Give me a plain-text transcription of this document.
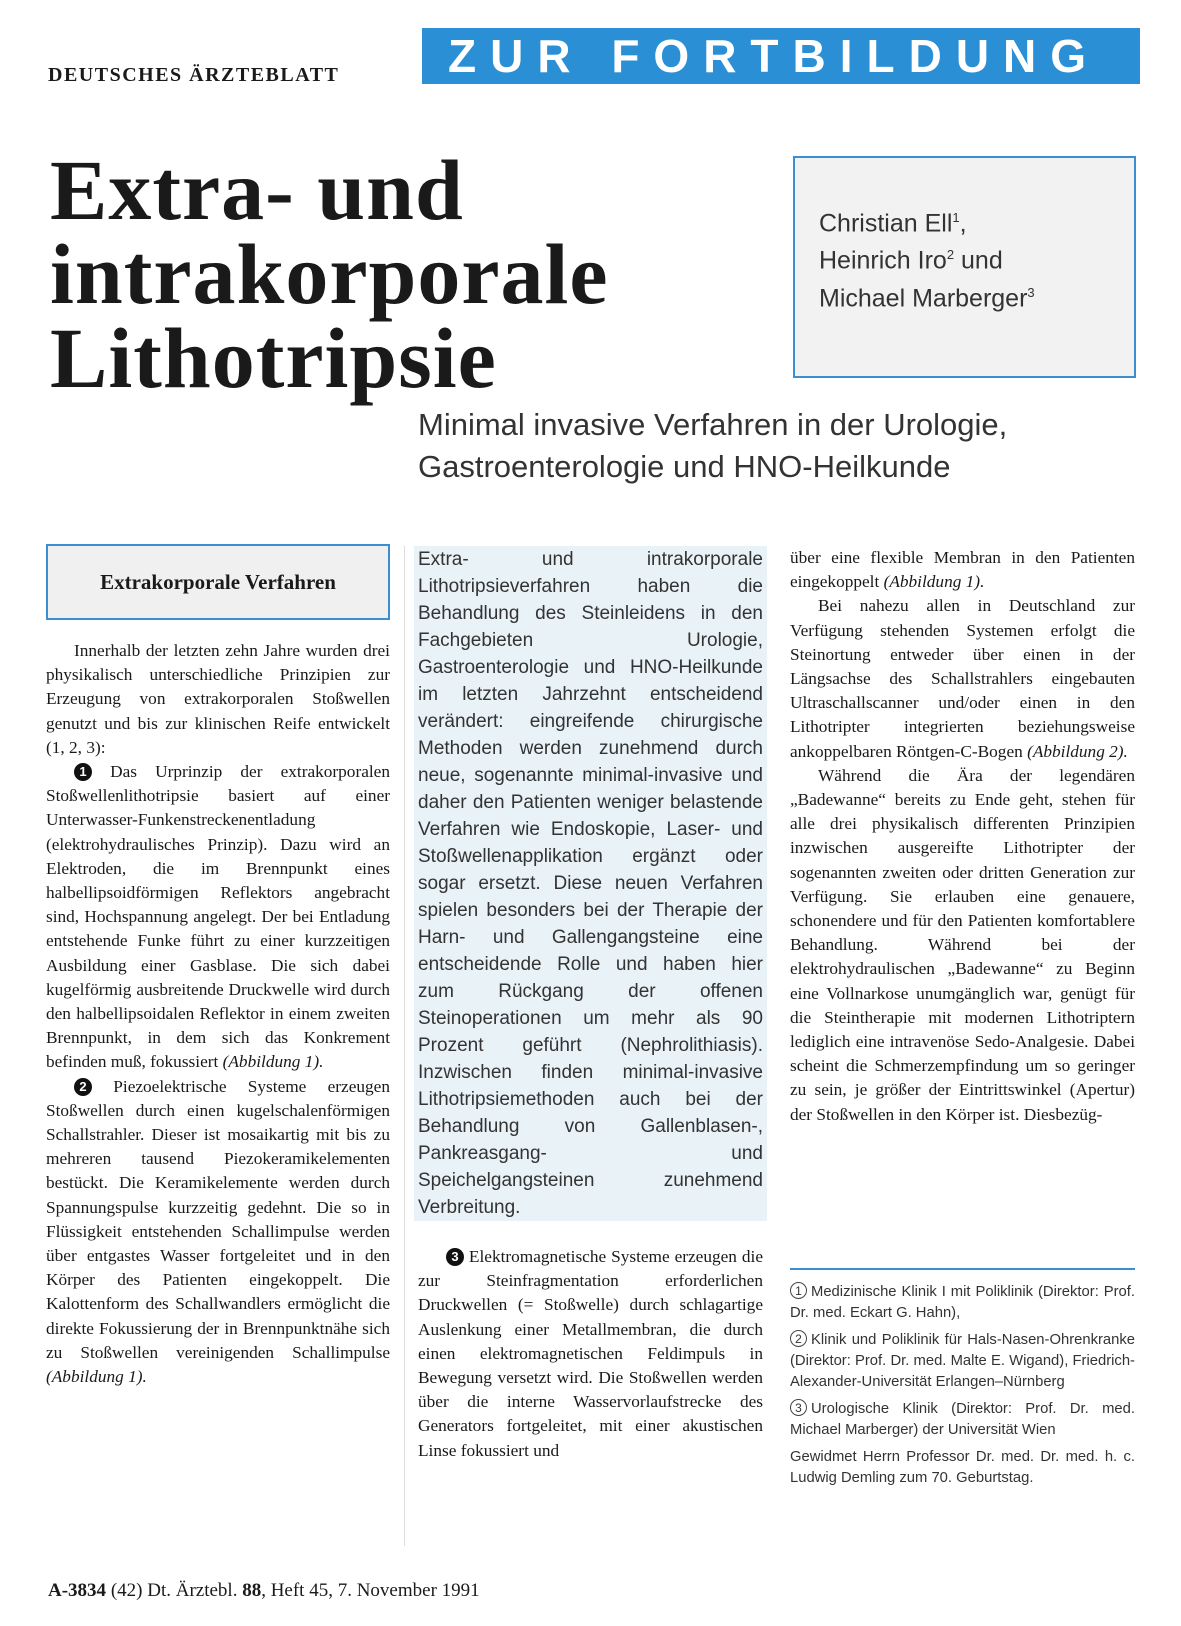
DEUTSCHES ÄRZTEBLATT	ZUR FORTBILDUNG
Extra- und
intrakorporale
Lithotripsie
Christian Ell$^1$,
Heinrich Iro$^2$ und
Michael Marberger$^3$
Minimal invasive Verfahren in der Urologie,
Gastroenterologie und HNO-Heilkunde
Extrakorporale Verfahren

Innerhalb der letzten zehn Jahre wurden drei physikalisch unterschiedliche Prinzipien zur Erzeugung von extrakorporalen Stoßwellen genutzt und bis zur klinischen Reife entwickelt (1, 2, 3):

1 Das Urprinzip der extrakorporalen Stoßwellenlithotripsie basiert auf einer Unterwasser-Funkenstreckenentladung (elektrohydraulisches Prinzip). Dazu wird an Elektroden, die im Brennpunkt eines halbellipsoidförmigen Reflektors angebracht sind, Hochspannung angelegt. Der bei Entladung entstehende Funke führt zu einer kurzzeitigen Ausbildung einer Gasblase. Die sich dabei kugelförmig ausbreitende Druckwelle wird durch den halbellipsoidalen Reflektor in einem zweiten Brennpunkt, in dem sich das Konkrement befinden muß, fokussiert (Abbildung 1).

2 Piezoelektrische Systeme erzeugen Stoßwellen durch einen kugelschalenförmigen Schallstrahler. Dieser ist mosaikartig mit bis zu mehreren tausend Piezokeramikelementen bestückt. Die Keramikelemente werden durch Spannungspulse kurzzeitig gedehnt. Die so in Flüssigkeit entstehenden Schallimpulse werden über entgastes Wasser fortgeleitet und in den Körper des Patienten eingekoppelt. Die Kalottenform des Schallwandlers ermöglicht die direkte Fokussierung der in Brennpunktnähe sich zu Stoßwellen vereinigenden Schallimpulse (Abbildung 1).

Extra- und intrakorporale Lithotripsieverfahren haben die Behandlung des Steinleidens in den Fachgebieten Urologie, Gastroenterologie und HNO-Heilkunde im letzten Jahrzehnt entscheidend verändert: eingreifende chirurgische Methoden werden zunehmend durch neue, sogenannte minimal-invasive und daher den Patienten weniger belastende Verfahren wie Endoskopie, Laser- und Stoßwellenapplikation ergänzt oder sogar ersetzt. Diese neuen Verfahren spielen besonders bei der Therapie der Harn- und Gallengangsteine eine entscheidende Rolle und haben hier zum Rückgang der offenen Steinoperationen um mehr als 90 Prozent geführt (Nephrolithiasis). Inzwischen finden minimal-invasive Lithotripsiemethoden auch bei der Behandlung von Gallenblasen-, Pankreasgang- und Speichelgangsteinen zunehmend Verbreitung.

3 Elektromagnetische Systeme erzeugen die zur Steinfragmentation erforderlichen Druckwellen (= Stoßwelle) durch schlagartige Auslenkung einer Metallmembran, die durch einen elektromagnetischen Feldimpuls in Bewegung versetzt wird. Die Stoßwellen werden über die interne Wasservorlaufstrecke des Generators fortgeleitet, mit einer akustischen Linse fokussiert und

über eine flexible Membran in den Patienten eingekoppelt (Abbildung 1).

Bei nahezu allen in Deutschland zur Verfügung stehenden Systemen erfolgt die Steinortung entweder über einen in der Längsachse des Schallstrahlers eingebauten Ultraschallscanner und/oder einen in den Lithotripter integrierten beziehungsweise ankoppelbaren Röntgen-C-Bogen (Abbildung 2).

Während die Ära der legendären „Badewanne“ bereits zu Ende geht, stehen für alle drei physikalisch differenten Prinzipien inzwischen ausgereifte Lithotripter der sogenannten zweiten oder dritten Generation zur Verfügung. Sie erlauben eine genauere, schonendere und für den Patienten komfortablere Behandlung. Während bei der elektrohydraulischen „Badewanne“ zu Beginn eine Vollnarkose unumgänglich war, genügt für die Steintherapie mit modernen Lithotriptern lediglich eine intravenöse Sedo-Analgesie. Dabei scheint die Schmerzempfindung um so geringer zu sein, je größer der Eintrittswinkel (Apertur) der Stoßwellen in den Körper ist. Diesbezüg-

1 Medizinische Klinik I mit Poliklinik (Direktor: Prof. Dr. med. Eckart G. Hahn),

2 Klinik und Poliklinik für Hals-Nasen-Ohrenkranke (Direktor: Prof. Dr. med. Malte E. Wigand), Friedrich-Alexander-Universität Erlangen–Nürnberg

3 Urologische Klinik (Direktor: Prof. Dr. med. Michael Marberger) der Universität Wien

Gewidmet Herrn Professor Dr. med. Dr. med. h. c. Ludwig Demling zum 70. Geburtstag.

A-3834 (42) Dt. Ärztebl. 88, Heft 45, 7. November 1991
